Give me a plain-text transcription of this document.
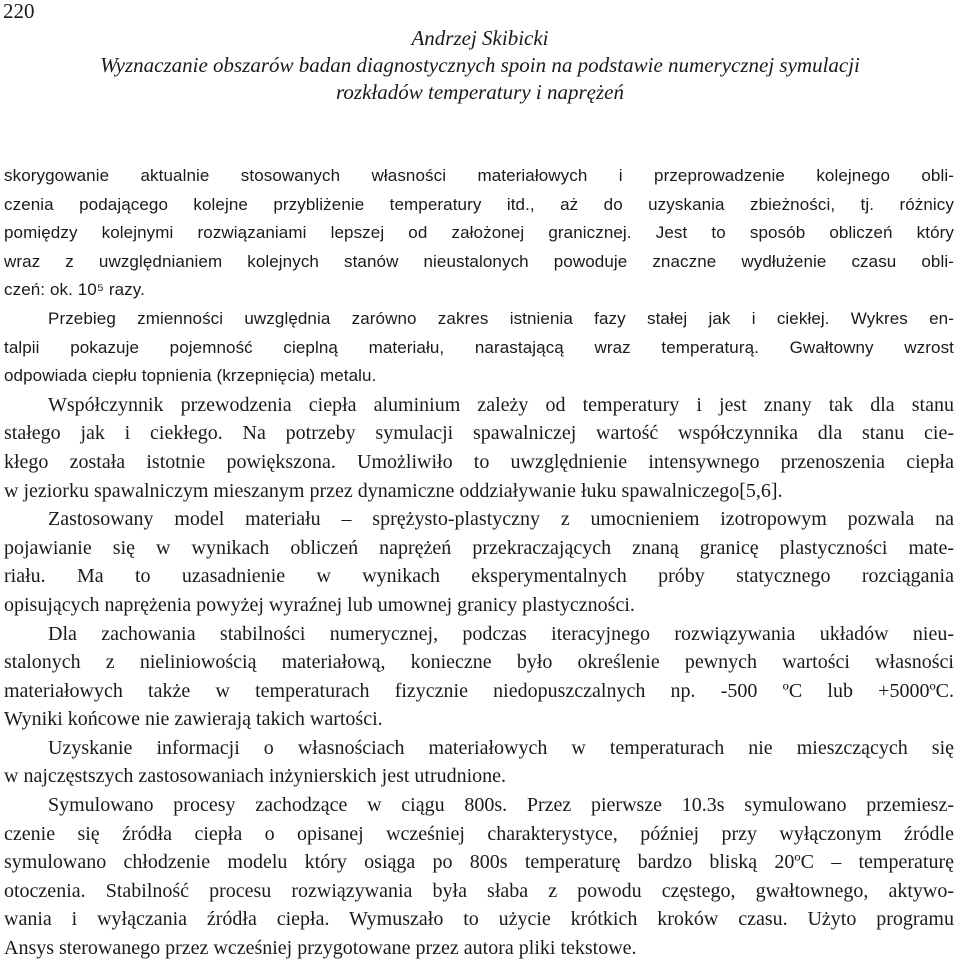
220
Andrzej Skibicki
Wyznaczanie obszarów badan diagnostycznych spoin na podstawie numerycznej symulacji
rozkładów temperatury i naprężeń
skorygowanie aktualnie stosowanych własności materiałowych i przeprowadzenie kolejnego obli-
czenia podającego kolejne przybliżenie temperatury itd., aż do uzyskania zbieżności, tj. różnicy
pomiędzy kolejnymi rozwiązaniami lepszej od założonej granicznej. Jest to sposób obliczeń który
wraz z uwzględnianiem kolejnych stanów nieustalonych powoduje znaczne wydłużenie czasu obli-
czeń: ok. 10⁵ razy.
Przebieg zmienności uwzględnia zarówno zakres istnienia fazy stałej jak i ciekłej. Wykres en-
talpii pokazuje pojemność cieplną materiału, narastającą wraz temperaturą. Gwałtowny wzrost
odpowiada ciepłu topnienia (krzepnięcia) metalu.
Współczynnik przewodzenia ciepła aluminium zależy od temperatury i jest znany tak dla stanu
stałego jak i ciekłego. Na potrzeby symulacji spawalniczej wartość współczynnika dla stanu cie-
kłego została istotnie powiększona. Umożliwiło to uwzględnienie intensywnego przenoszenia ciepła
w jeziorku spawalniczym mieszanym przez dynamiczne oddziaływanie łuku spawalniczego[5,6].
Zastosowany model materiału – sprężysto-plastyczny z umocnieniem izotropowym pozwala na
pojawianie się w wynikach obliczeń naprężeń przekraczających znaną granicę plastyczności mate-
riału. Ma to uzasadnienie w wynikach eksperymentalnych próby statycznego rozciągania
opisujących naprężenia powyżej wyraźnej lub umownej granicy plastyczności.
Dla zachowania stabilności numerycznej, podczas iteracyjnego rozwiązywania układów nieu-
stalonych z nieliniowością materiałową, konieczne było określenie pewnych wartości własności
materiałowych także w temperaturach fizycznie niedopuszczalnych np. -500 ºC lub +5000ºC.
Wyniki końcowe nie zawierają takich wartości.
Uzyskanie informacji o własnościach materiałowych w temperaturach nie mieszczących się
w najczęstszych zastosowaniach inżynierskich jest utrudnione.
Symulowano procesy zachodzące w ciągu 800s. Przez pierwsze 10.3s symulowano przemiesz-
czenie się źródła ciepła o opisanej wcześniej charakterystyce, później przy wyłączonym źródle
symulowano chłodzenie modelu który osiąga po 800s temperaturę bardzo bliską 20ºC – temperaturę
otoczenia. Stabilność procesu rozwiązywania była słaba z powodu częstego, gwałtownego, aktywo-
wania i wyłączania źródła ciepła. Wymuszało to użycie krótkich kroków czasu. Użyto programu
Ansys sterowanego przez wcześniej przygotowane przez autora pliki tekstowe.
